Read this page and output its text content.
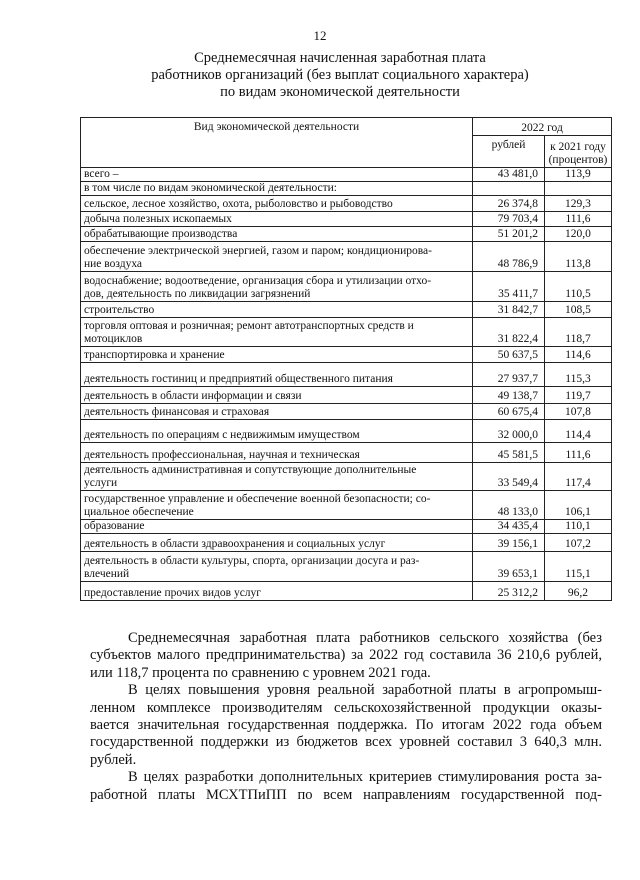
12
Среднемесячная начисленная заработная плата
работников организаций (без выплат социального характера)
по видам экономической деятельности
Вид экономической деятельности	2022 год	
	рублей	к 2021 году
(процентов)

всего –	43 481,0	113,9

в том числе по видам экономической деятельности:		

сельское, лесное хозяйство, охота, рыболовство и рыбоводство	26 374,8	129,3

добыча полезных ископаемых	79 703,4	111,6

обрабатывающие производства	51 201,2	120,0

обеспечение электрической энергией, газом и паром; кондиционирова-
ние воздуха	48 786,9	113,8

водоснабжение; водоотведение, организация сбора и утилизации отхо-
дов, деятельность по ликвидации загрязнений	35 411,7	110,5

строительство	31 842,7	108,5

торговля оптовая и розничная; ремонт автотранспортных средств и
мотоциклов	31 822,4	118,7

транспортировка и хранение	50 637,5	114,6

деятельность гостиниц и предприятий общественного питания	27 937,7	115,3

деятельность в области информации и связи	49 138,7	119,7

деятельность финансовая и страховая	60 675,4	107,8

деятельность по операциям с недвижимым имуществом	32 000,0	114,4

деятельность профессиональная, научная и техническая	45 581,5	111,6

деятельность административная и сопутствующие дополнительные
услуги	33 549,4	117,4

государственное управление и обеспечение военной безопасности; со-
циальное обеспечение	48 133,0	106,1

образование	34 435,4	110,1

деятельность в области здравоохранения и социальных услуг	39 156,1	107,2

деятельность в области культуры, спорта, организации досуга и раз-
влечений	39 653,1	115,1

предоставление прочих видов услуг	25 312,2	96,2

Среднемесячная заработная плата работников сельского хозяйства (без субъектов малого предпринимательства) за 2022 год составила 36 210,6 рублей, или 118,7 процента по сравнению с уровнем 2021 года.

В целях повышения уровня реальной заработной платы в агропромыш- ленном комплексе производителям сельскохозяйственной продукции оказы- вается значительная государственная поддержка. По итогам 2022 года объем государственной поддержки из бюджетов всех уровней составил 3 640,3 млн. рублей.

В целях разработки дополнительных критериев стимулирования роста за- работной платы МСХТПиПП по всем направлениям государственной под-
